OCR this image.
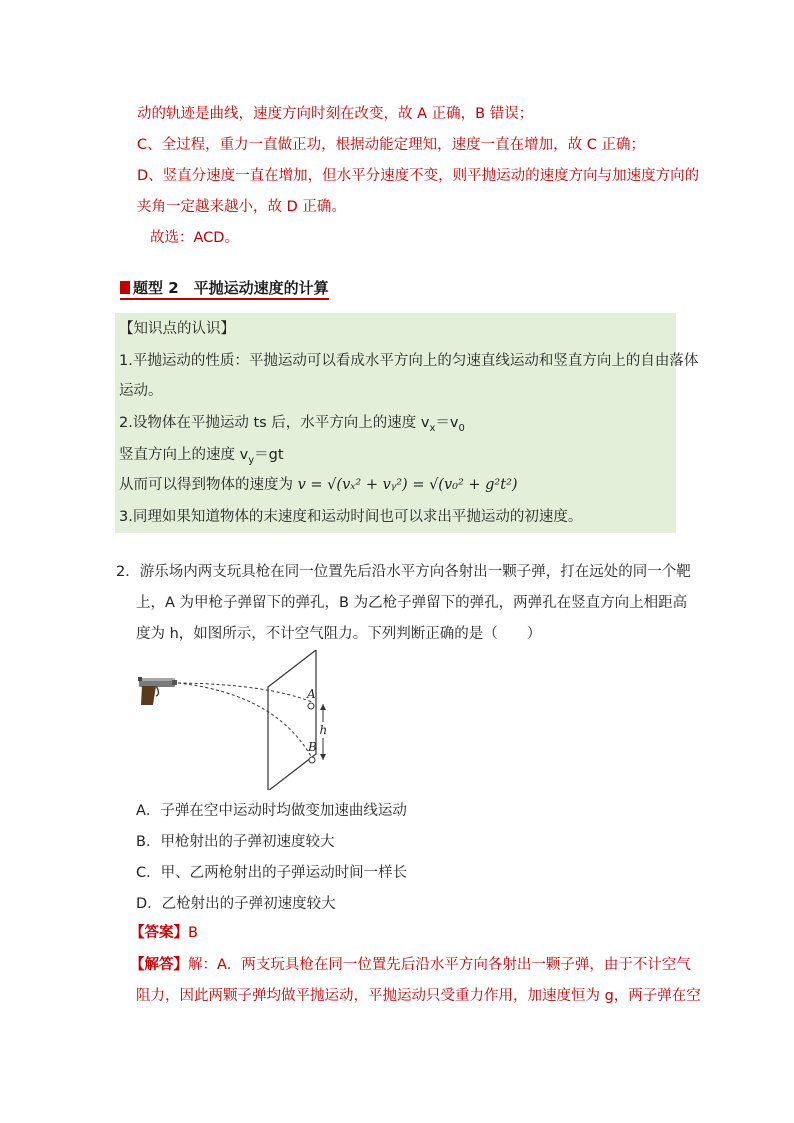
动的轨迹是曲线，速度方向时刻在改变，故 A 正确，B 错误；
C、全过程，重力一直做正功，根据动能定理知，速度一直在增加，故 C 正确；
D、竖直分速度一直在增加，但水平分速度不变，则平抛运动的速度方向与加速度方向的
夹角一定越来越小，故 D 正确。
故选：ACD。
题型 2　平抛运动速度的计算
【知识点的认识】
1.平抛运动的性质：平抛运动可以看成水平方向上的匀速直线运动和竖直方向上的自由落体
运动。
2.设物体在平抛运动 ts 后，水平方向上的速度 $v_x=v_0$
竖直方向上的速度 $v_y=gt$
从而可以得到物体的速度为 v = √(vₓ² + vᵧ²) = √(v₀² + g²t²)
3.同理如果知道物体的末速度和运动时间也可以求出平抛运动的初速度。
2．游乐场内两支玩具枪在同一位置先后沿水平方向各射出一颗子弹，打在远处的同一个靶
上，A 为甲枪子弹留下的弹孔，B 为乙枪子弹留下的弹孔，两弹孔在竖直方向上相距高
度为 h，如图所示，不计空气阻力。下列判断正确的是（　　）
A
B
h
A．子弹在空中运动时均做变加速曲线运动
B．甲枪射出的子弹初速度较大
C．甲、乙两枪射出的子弹运动时间一样长
D．乙枪射出的子弹初速度较大
【答案】B
【解答】解：A．两支玩具枪在同一位置先后沿水平方向各射出一颗子弹，由于不计空气
阻力，因此两颗子弹均做平抛运动，平抛运动只受重力作用，加速度恒为 g，两子弹在空
